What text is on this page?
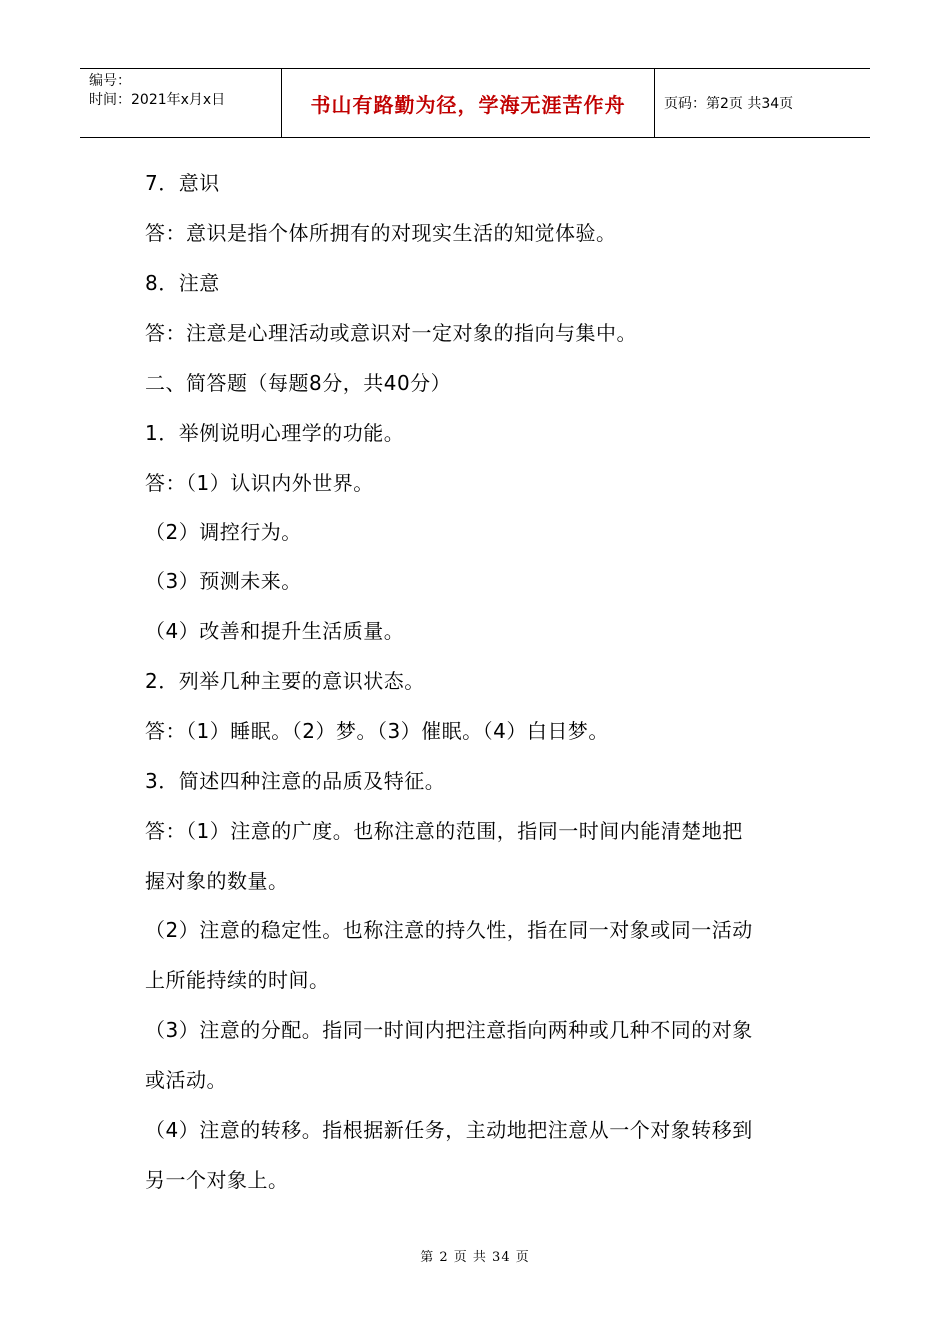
编号：
时间：2021年x月x日	书山有路勤为径，学海无涯苦作舟	页码：第2页 共34页
7．意识
答：意识是指个体所拥有的对现实生活的知觉体验。
8．注意
答：注意是心理活动或意识对一定对象的指向与集中。
二、简答题（每题8分，共40分）
1．举例说明心理学的功能。
答：（1）认识内外世界。
（2）调控行为。
（3）预测未来。
（4）改善和提升生活质量。
2．列举几种主要的意识状态。
答：（1）睡眠。（2）梦。（3）催眠。（4）白日梦。
3．简述四种注意的品质及特征。
答：（1）注意的广度。也称注意的范围，指同一时间内能清楚地把
握对象的数量。
（2）注意的稳定性。也称注意的持久性，指在同一对象或同一活动
上所能持续的时间。
（3）注意的分配。指同一时间内把注意指向两种或几种不同的对象
或活动。
（4）注意的转移。指根据新任务，主动地把注意从一个对象转移到
另一个对象上。
第 2 页 共 34 页
